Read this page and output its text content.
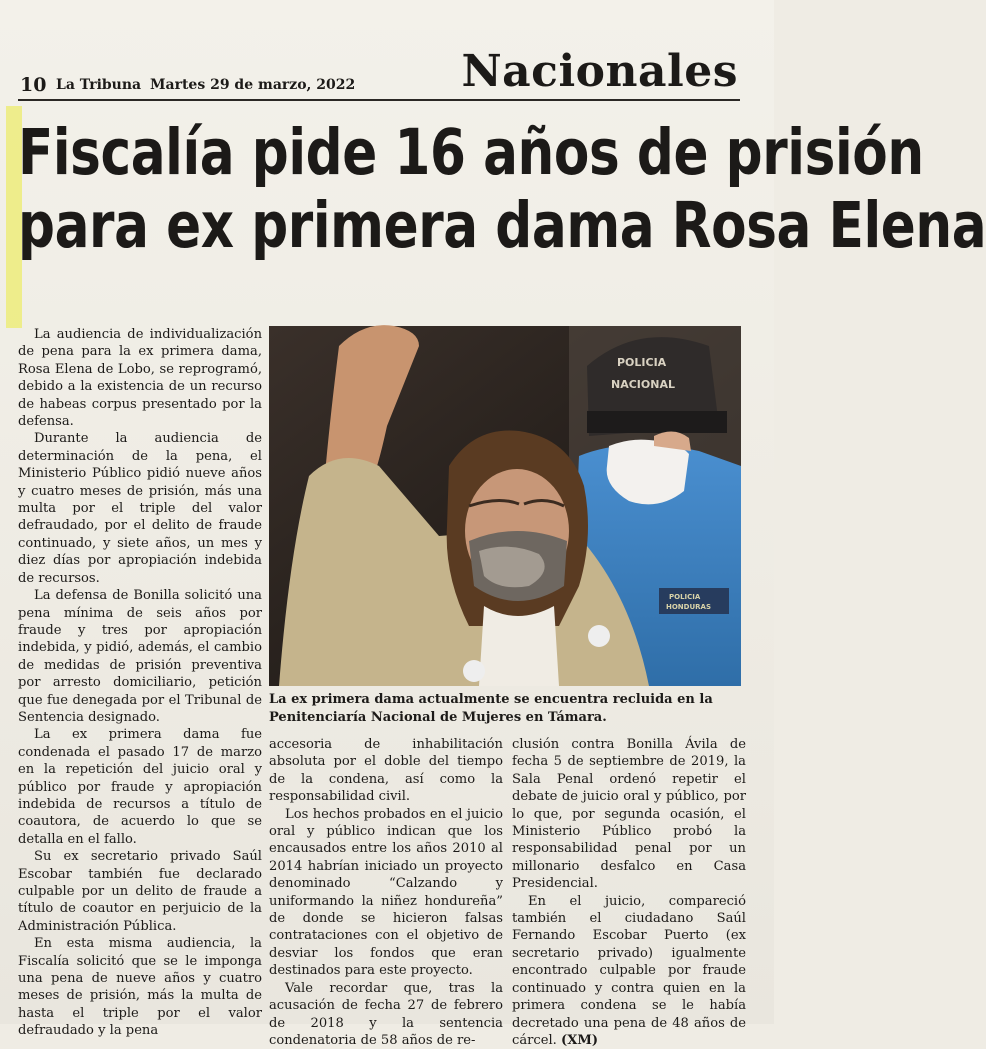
10 La Tribuna Martes 29 de marzo, 2022 Nacionales
Fiscalía pide 16 años de prisión
para ex primera dama Rosa Elena

La audiencia de individualización de pena para la ex primera dama, Rosa Elena de Lobo, se reprogramó, debido a la existencia de un recurso de habeas corpus presentado por la defensa.

Durante la audiencia de determinación de la pena, el Ministerio Público pidió nueve años y cuatro meses de prisión, más una multa por el triple del valor defraudado, por el delito de fraude continuado, y siete años, un mes y diez días por apropiación indebida de recursos.

La defensa de Bonilla solicitó una pena mínima de seis años por fraude y tres por apropiación indebida, y pidió, además, el cambio de medidas de prisión preventiva por arresto domiciliario, petición que fue denegada por el Tribunal de Sentencia designado.

La ex primera dama fue condenada el pasado 17 de marzo en la repetición del juicio oral y público por fraude y apropiación indebida de recursos a título de coautora, de acuerdo lo que se detalla en el fallo.

Su ex secretario privado Saúl Escobar también fue declarado culpable por un delito de fraude a título de coautor en perjuicio de la Administración Pública.

En esta misma audiencia, la Fiscalía solicitó que se le imponga una pena de nueve años y cuatro meses de prisión, más la multa de hasta el triple por el valor defraudado y la pena

POLICIA
NACIONAL
POLICIA
HONDURAS
La ex primera dama actualmente se encuentra recluida en la Penitenciaría Nacional de Mujeres en Támara.

accesoria de inhabilitación absoluta por el doble del tiempo de la condena, así como la responsabilidad civil.

Los hechos probados en el juicio oral y público indican que los encausados entre los años 2010 al 2014 habrían iniciado un proyecto denominado “Calzando y uniformando la niñez hondureña” de donde se hicieron falsas contrataciones con el objetivo de desviar los fondos que eran destinados para este proyecto.

Vale recordar que, tras la acusación de fecha 27 de febrero de 2018 y la sentencia condenatoria de 58 años de re-

clusión contra Bonilla Ávila de fecha 5 de septiembre de 2019, la Sala Penal ordenó repetir el debate de juicio oral y público, por lo que, por segunda ocasión, el Ministerio Público probó la responsabilidad penal por un millonario desfalco en Casa Presidencial.

En el juicio, compareció también el ciudadano Saúl Fernando Escobar Puerto (ex secretario privado) igualmente encontrado culpable por fraude continuado y contra quien en la primera condena se le había decretado una pena de 48 años de cárcel. (XM)
